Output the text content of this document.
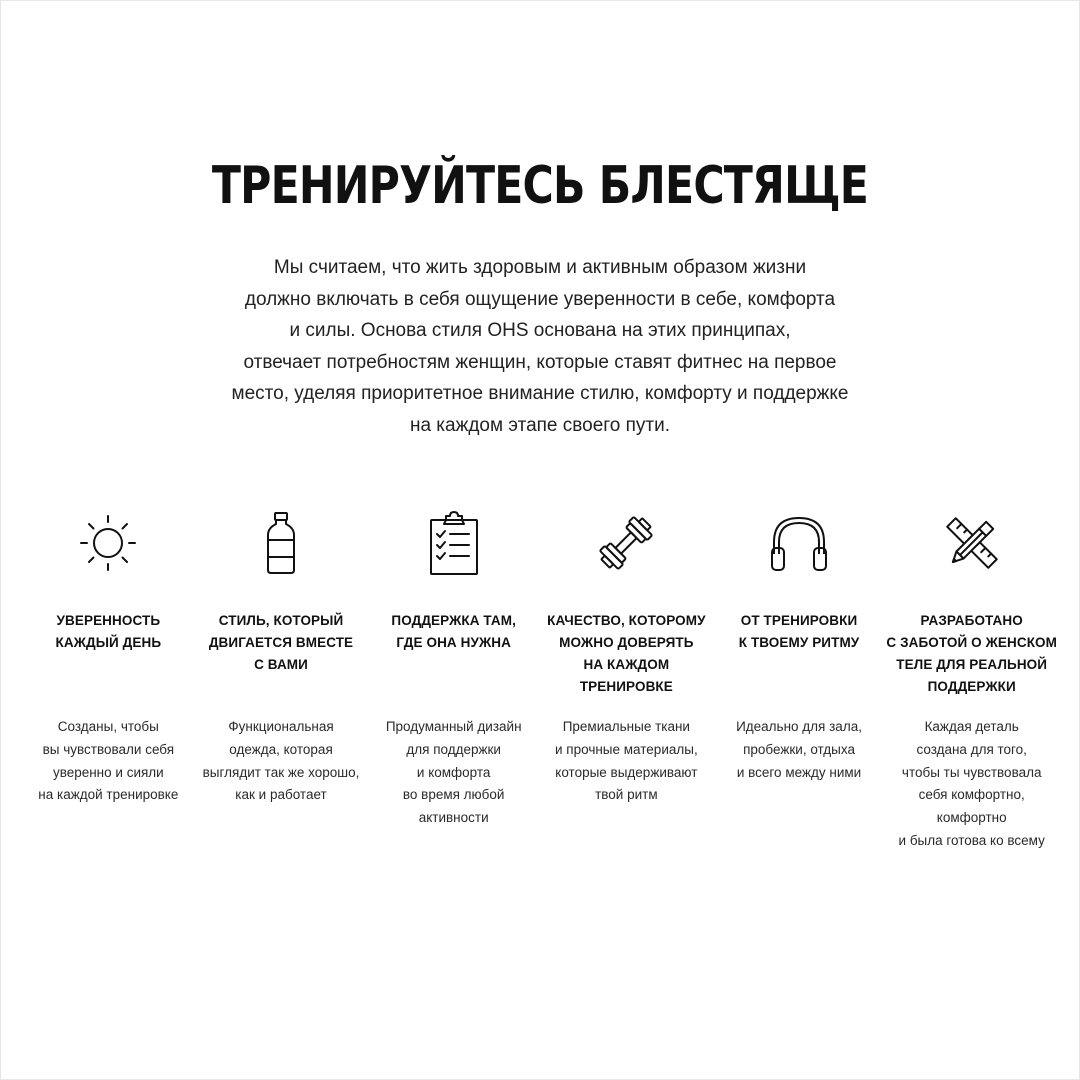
ТРЕНИРУЙТЕСЬ БЛЕСТЯЩЕ

Мы считаем, что жить здоровым и активным образом жизни
должно включать в себя ощущение уверенности в себе, комфорта
и силы. Основа стиля OHS основана на этих принципах,
отвечает потребностям женщин, которые ставят фитнес на первое
место, уделяя приоритетное внимание стилю, комфорту и поддержке
на каждом этапе своего пути.

УВЕРЕННОСТЬ
КАЖДЫЙ ДЕНЬ
Созданы, чтобы
вы чувствовали себя
уверенно и сияли
на каждой тренировке
СТИЛЬ, КОТОРЫЙ
ДВИГАЕТСЯ ВМЕСТЕ
С ВАМИ
Функциональная
одежда, которая
выглядит так же хорошо,
как и работает
ПОДДЕРЖКА ТАМ,
ГДЕ ОНА НУЖНА
Продуманный дизайн
для поддержки
и комфорта
во время любой
активности
КАЧЕСТВО, КОТОРОМУ
МОЖНО ДОВЕРЯТЬ
НА КАЖДОМ
ТРЕНИРОВКЕ
Премиальные ткани
и прочные материалы,
которые выдерживают
твой ритм
ОТ ТРЕНИРОВКИ
К ТВОЕМУ РИТМУ
Идеально для зала,
пробежки, отдыха
и всего между ними
РАЗРАБОТАНО
С ЗАБОТОЙ О ЖЕНСКОМ
ТЕЛЕ ДЛЯ РЕАЛЬНОЙ
ПОДДЕРЖКИ
Каждая деталь
создана для того,
чтобы ты чувствовала
себя комфортно,
комфортно
и была готова ко всему
